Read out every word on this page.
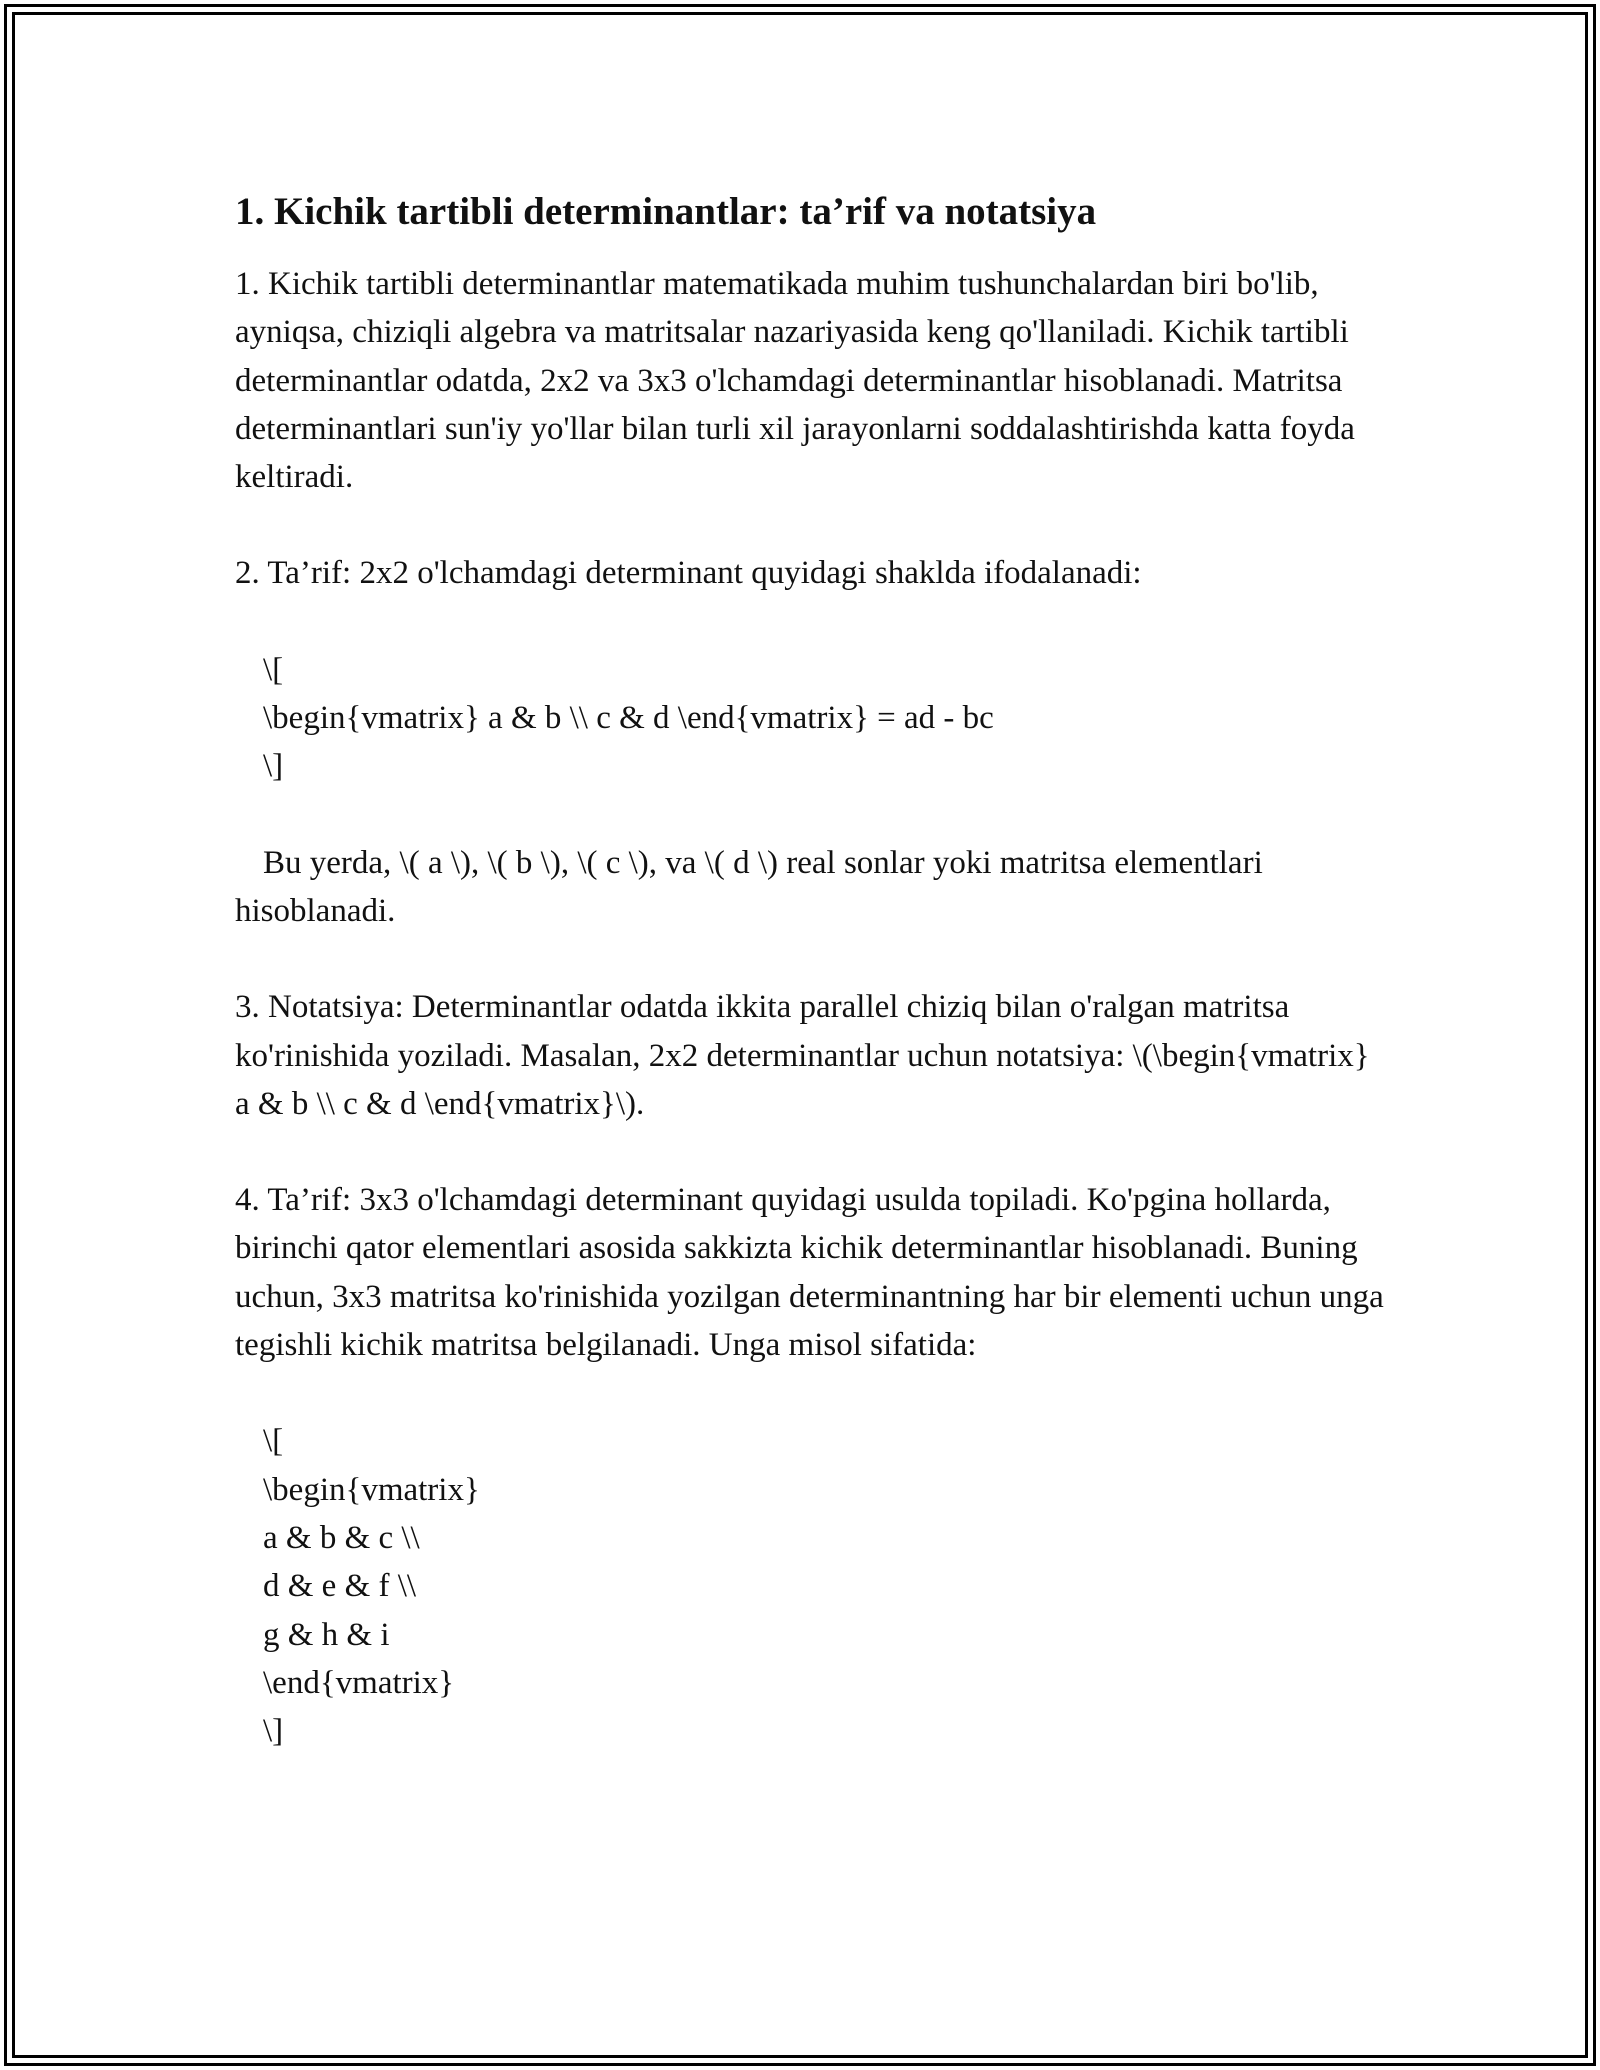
1. Kichik tartibli determinantlar: ta’rif va notatsiya

1. Kichik tartibli determinantlar matematikada muhim tushunchalardan biri bo'lib, ayniqsa, chiziqli algebra va matritsalar nazariyasida keng qo'llaniladi. Kichik tartibli determinantlar odatda, 2x2 va 3x3 o'lchamdagi determinantlar hisoblanadi. Matritsa determinantlari sun'iy yo'llar bilan turli xil jarayonlarni soddalashtirishda katta foyda keltiradi.

2. Ta’rif: 2x2 o'lchamdagi determinant quyidagi shakldа ifodalanadi:

\[

\begin{vmatrix} a & b \\ c & d \end{vmatrix} = ad - bc

\]

Bu yerda, \( a \), \( b \), \( c \), va \( d \) real sonlar yoki matritsa elementlari hisoblanadi.

3. Notatsiya: Determinantlar odatda ikkita parallel chiziq bilan o'ralgan matritsa ko'rinishida yoziladi. Masalan, 2x2 determinantlar uchun notatsiya: \(\begin{vmatrix} a & b \\ c & d \end{vmatrix}\).

4. Ta’rif: 3x3 o'lchamdagi determinant quyidagi usulda topiladi. Ko'pgina hollarda, birinchi qator elementlari asosida sakkizta kichik determinantlar hisoblanadi. Buning uchun, 3x3 matritsa ko'rinishida yozilgan determinantning har bir elementi uchun unga tegishli kichik matritsa belgilanadi. Unga misol sifatida:

\[

\begin{vmatrix}

a & b & c \\

d & e & f \\

g & h & i

\end{vmatrix}

\]
